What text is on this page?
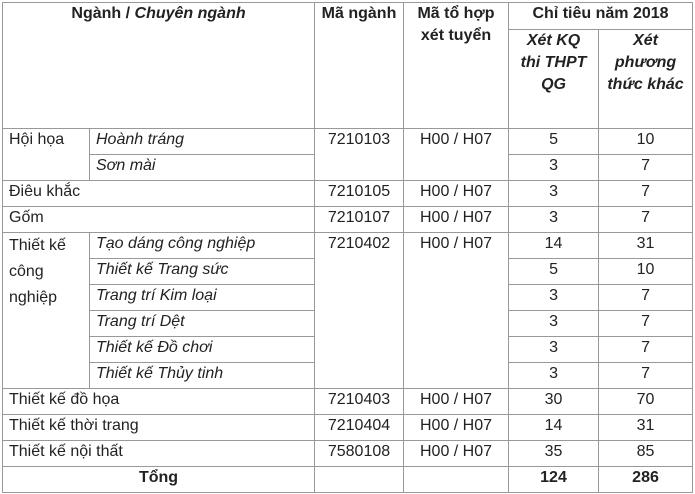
Ngành / Chuyên ngành		Mã ngành	Mã tổ hợp xét tuyển	Chỉ tiêu năm 2018	
				Xét KQ thi THPT QG	Xét phương thức khác
Hội họa	Hoành tráng	7210103	H00 / H07	5	10
	Sơn mài			3	7
Điêu khắc		7210105	H00 / H07	3	7
Gốm		7210107	H00 / H07	3	7
Thiết kế công nghiệp	Tạo dáng công nghiệp	7210402	H00 / H07	14	31
	Thiết kế Trang sức			5	10
	Trang trí Kim loại			3	7
	Trang trí Dệt			3	7
	Thiết kế Đồ chơi			3	7
	Thiết kế Thủy tinh			3	7
Thiết kế đồ họa		7210403	H00 / H07	30	70
Thiết kế thời trang		7210404	H00 / H07	14	31
Thiết kế nội thất		7580108	H00 / H07	35	85
Tổng				124	286
